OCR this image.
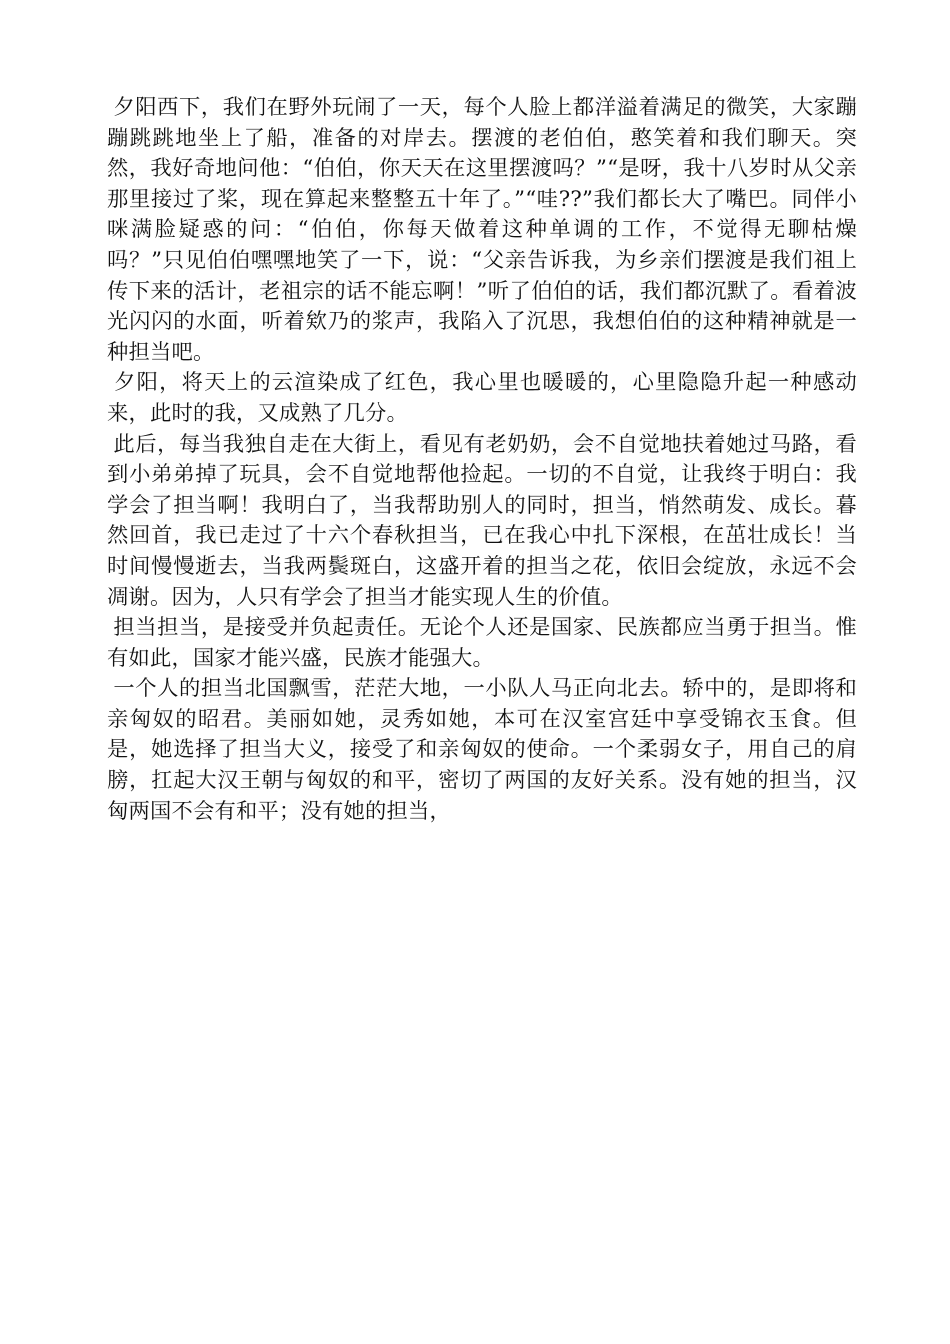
夕阳西下，我们在野外玩闹了一天，每个人脸上都洋溢着满足的微笑，大家蹦蹦跳跳地坐上了船，准备的对岸去。摆渡的老伯伯，憨笑着和我们聊天。突然，我好奇地问他：“伯伯，你天天在这里摆渡吗？”“是呀，我十八岁时从父亲那里接过了桨，现在算起来整整五十年了。”“哇??”我们都长大了嘴巴。同伴小咪满脸疑惑的问：“伯伯，你每天做着这种单调的工作，不觉得无聊枯燥吗？”只见伯伯嘿嘿地笑了一下，说：“父亲告诉我，为乡亲们摆渡是我们祖上传下来的活计，老祖宗的话不能忘啊！”听了伯伯的话，我们都沉默了。看着波光闪闪的水面，听着欸乃的浆声，我陷入了沉思，我想伯伯的这种精神就是一种担当吧。

夕阳，将天上的云渲染成了红色，我心里也暖暖的，心里隐隐升起一种感动来，此时的我，又成熟了几分。

此后，每当我独自走在大街上，看见有老奶奶，会不自觉地扶着她过马路，看到小弟弟掉了玩具，会不自觉地帮他捡起。一切的不自觉，让我终于明白：我学会了担当啊！我明白了，当我帮助别人的同时，担当，悄然萌发、成长。暮然回首，我已走过了十六个春秋担当，已在我心中扎下深根，在茁壮成长！当时间慢慢逝去，当我两鬓斑白，这盛开着的担当之花，依旧会绽放，永远不会凋谢。因为，人只有学会了担当才能实现人生的价值。

担当担当，是接受并负起责任。无论个人还是国家、民族都应当勇于担当。惟有如此，国家才能兴盛，民族才能强大。

一个人的担当北国飘雪，茫茫大地，一小队人马正向北去。轿中的，是即将和亲匈奴的昭君。美丽如她，灵秀如她，本可在汉室宫廷中享受锦衣玉食。但是，她选择了担当大义，接受了和亲匈奴的使命。一个柔弱女子，用自己的肩膀，扛起大汉王朝与匈奴的和平，密切了两国的友好关系。没有她的担当，汉匈两国不会有和平；没有她的担当，
